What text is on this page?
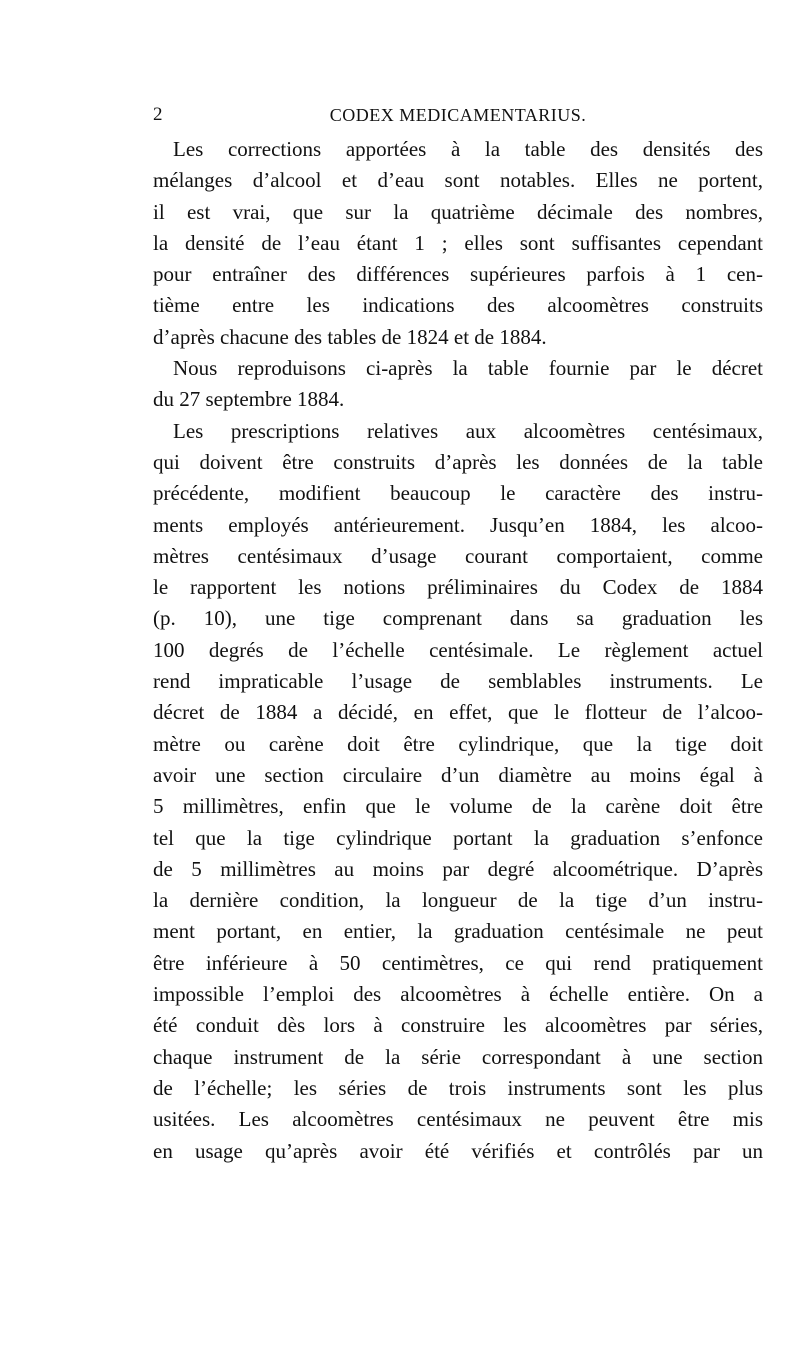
2	CODEX MEDICAMENTARIUS.
Les corrections apportées à la table des densités des
mélanges d’alcool et d’eau sont notables. Elles ne portent,
il est vrai, que sur la quatrième décimale des nombres,
la densité de l’eau étant 1 ; elles sont suffisantes cependant
pour entraîner des différences supérieures parfois à 1 cen-
tième entre les indications des alcoomètres construits
d’après chacune des tables de 1824 et de 1884.
Nous reproduisons ci-après la table fournie par le décret
du 27 septembre 1884.
Les prescriptions relatives aux alcoomètres centésimaux,
qui doivent être construits d’après les données de la table
précédente, modifient beaucoup le caractère des instru-
ments employés antérieurement. Jusqu’en 1884, les alcoo-
mètres centésimaux d’usage courant comportaient, comme
le rapportent les notions préliminaires du Codex de 1884
(p. 10), une tige comprenant dans sa graduation les
100 degrés de l’échelle centésimale. Le règlement actuel
rend impraticable l’usage de semblables instruments. Le
décret de 1884 a décidé, en effet, que le flotteur de l’alcoo-
mètre ou carène doit être cylindrique, que la tige doit
avoir une section circulaire d’un diamètre au moins égal à
5 millimètres, enfin que le volume de la carène doit être
tel que la tige cylindrique portant la graduation s’enfonce
de 5 millimètres au moins par degré alcoométrique. D’après
la dernière condition, la longueur de la tige d’un instru-
ment portant, en entier, la graduation centésimale ne peut
être inférieure à 50 centimètres, ce qui rend pratiquement
impossible l’emploi des alcoomètres à échelle entière. On a
été conduit dès lors à construire les alcoomètres par séries,
chaque instrument de la série correspondant à une section
de l’échelle; les séries de trois instruments sont les plus
usitées. Les alcoomètres centésimaux ne peuvent être mis
en usage qu’après avoir été vérifiés et contrôlés par un
